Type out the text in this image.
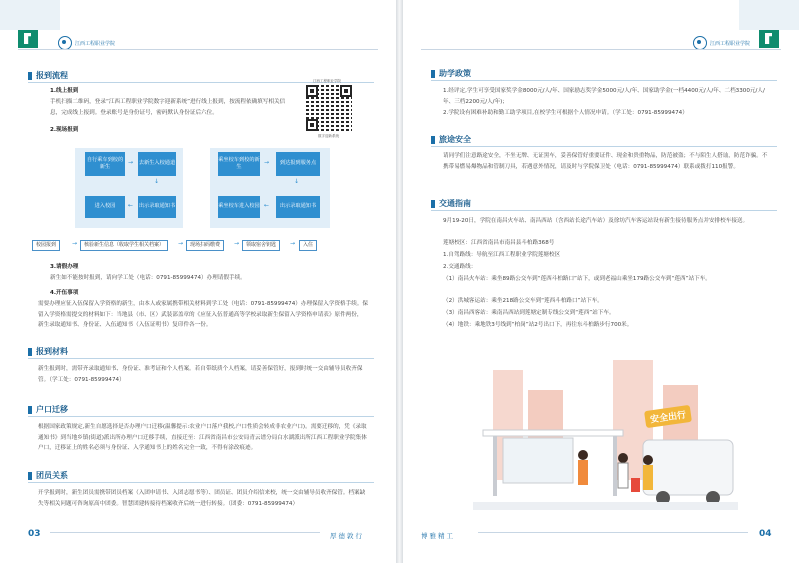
江西工程职业学院
报到流程
1.线上报到
手机扫描二维码，登录“江西工程职业学院数字迎新系统”进行线上报到，按流程依确填写相关信息，完成线上报到。登录账号是身份证号，密码默认身份证后六位。
江西工程职业学院
数字迎新系统
2.现场报到
自行乘车到校的新生
→ 去新生入校通道
↓
进入校园	← 出示录取通知书
乘坐校车到校的新生
→	到达报到服务点
↓
乘坐校车进入校园 ←	出示录取通知书
校园报到	→	核验新生信息（收取学生相关档案）	→	现场扫码缴费	→	领取宿舍钥匙	→	入住
3.请假办理
新生如不能按时报到，请向学工处（电话：0791-85999474）办理请假手续。
4.开伍事项
需要办理应征入伍保留入学资格的新生，由本人或家属携带相关材料到学工处（电话：0791-85999474）办理保留入学资格手续。保留入学资格需提交的材料如下：当地县（市、区）武装部盖章的《应征入伍普通高等学校录取新生保留入学资格申请表》原件两份，新生录取通知书、身份证、入伍通知书（入伍证明书）复印件各一份。
报到材料
新生报到时，需带齐录取通知书、身份证、准考证和个人档案。若自带纸质个人档案，请妥善保管好，报到时统一交由辅导员收齐保管。（学工处：0791-85999474）
户口迁移
根据国家政策规定,新生自愿选择是否办理户口迁移(温馨提示:农业户口落户我校,户口性质会转成非农业户口)。需要迁移的，凭《录取通知书》到当地乡镇(街道)派出所办理户口迁移手续，直接迁至：江西省南昌市公安局青云谱分局白水湖派出所江西工程职业学院集体户口，迁移证上的姓名必须与身份证、入学通知书上的姓名完全一致，不得有涂改痕迹。
团员关系
开学报到时，新生团员需携带团员档案（入团申请书、入团志愿书等）、团员证、团员介绍信来校，统一交由辅导员收齐保管。档案缺失等相关问题可咨询原高中团委。智慧团建转接待档案收齐后统一进行转接。（团委：0791-85999474）
03	厚德敦行
江西工程职业学院
助学政策
1.经评定,学生可享受国家奖学金8000元/人/年、国家励志奖学金5000元/人/年、国家助学金(一档4400元/人/年、二档3300元/人/年、三档2200元/人/年)；
2.学院设有困难补助和勤工助学项目,在校学生可根据个人情况申请。（学工处：0791-85999474）
旅途安全
请同学们注意路途安全，不坐无牌、无证黑车，妥善保管好重要证件、现金和贵重物品，防范被盗；不与陌生人搭讪，防范诈骗。不携带易燃易爆物品和管制刀具，若遇意外情况，请及时与学院保卫处（电话：0791-85999474）联系或拨打110报警。
交通指南
9月19-20日，学院在南昌火车站、南昌西站（含西站长途汽车站）及徐坊汽车客运站设有新生接待服务点并安排校车接送。
莲塘校区：江西省南昌市南昌县斗柏路368号
1.自驾路线：导航至江西工程职业学院莲塘校区
2.交通路线：
（1）南昌火车站：乘坐89路公交车到“莲西斗柏路口”站下，或到老福山乘坐179路公交车到“莲西”站下车。
（2）洪城客运站：乘坐218路公交车到“莲西斗柏路口”站下车。
（3）南昌西客站：乘南昌西站到莲塘定制专线公交到“莲西”站下车。
（4）地铁：乘地铁3号线到“柏岗”站2号出口下，再往东斗柏路步行700米。
安全出行
博雅精工	04
